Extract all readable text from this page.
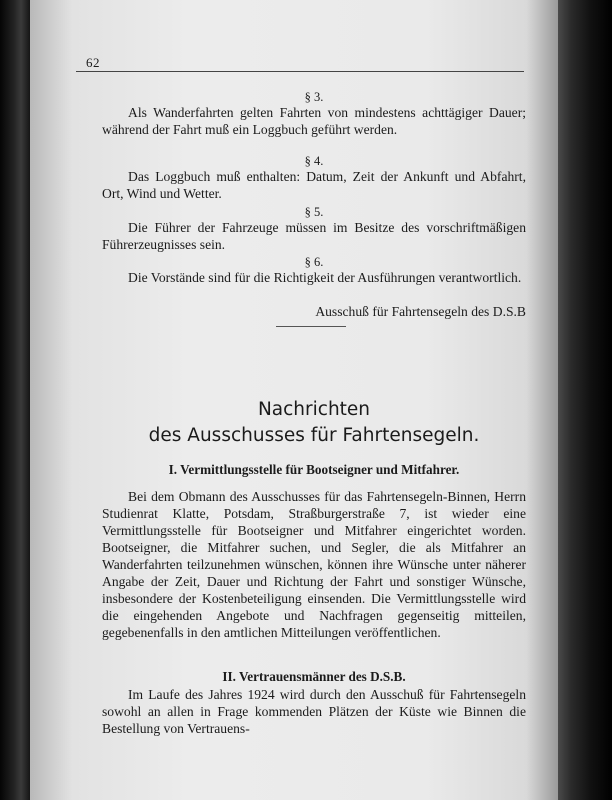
62
§ 3.

Als Wanderfahrten gelten Fahrten von mindestens achttägiger Dauer; während der Fahrt muß ein Loggbuch geführt werden.

§ 4.

Das Loggbuch muß enthalten: Datum, Zeit der Ankunft und Abfahrt, Ort, Wind und Wetter.

§ 5.

Die Führer der Fahrzeuge müssen im Besitze des vorschriftmäßigen Führerzeugnisses sein.

§ 6.

Die Vorstände sind für die Richtigkeit der Ausführungen verantwortlich.

Ausschuß für Fahrtensegeln des D.S.B
Nachrichten
des Ausschusses für Fahrtensegeln.
I. Vermittlungsstelle für Bootseigner und Mitfahrer.

Bei dem Obmann des Ausschusses für das Fahrtensegeln-Binnen, Herrn Studienrat Klatte, Potsdam, Straßburgerstraße 7, ist wieder eine Vermittlungsstelle für Bootseigner und Mitfahrer eingerichtet worden. Bootseigner, die Mitfahrer suchen, und Segler, die als Mitfahrer an Wanderfahrten teilzunehmen wünschen, können ihre Wünsche unter näherer Angabe der Zeit, Dauer und Richtung der Fahrt und sonstiger Wünsche, insbesondere der Kostenbeteiligung einsenden. Die Vermittlungsstelle wird die eingehenden Angebote und Nachfragen gegenseitig mitteilen, gegebenenfalls in den amtlichen Mitteilungen veröffentlichen.

II. Vertrauensmänner des D.S.B.

Im Laufe des Jahres 1924 wird durch den Ausschuß für Fahrtensegeln sowohl an allen in Frage kommenden Plätzen der Küste wie Binnen die Bestellung von Vertrauens-
